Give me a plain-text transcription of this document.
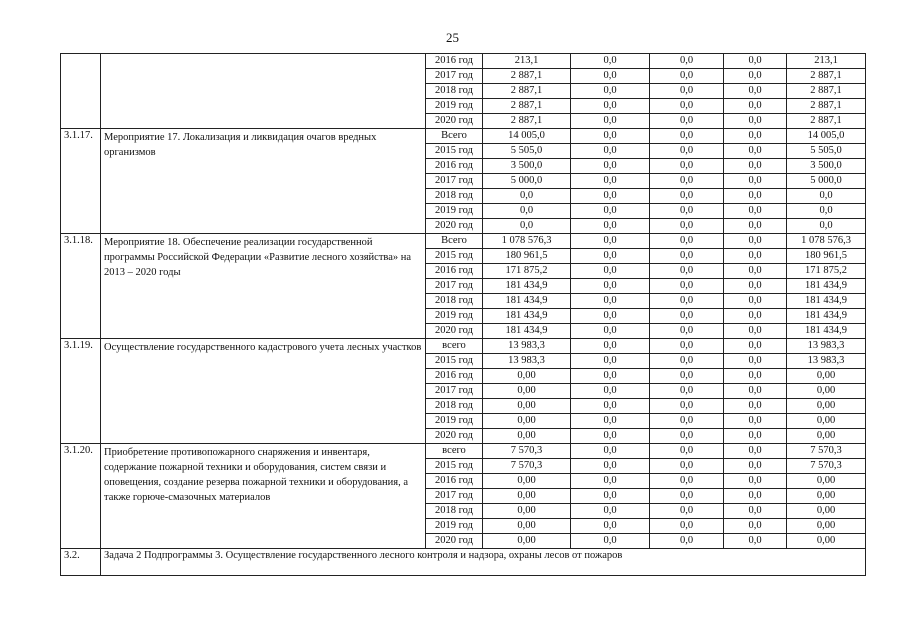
25
		2016 год	213,1	0,0	0,0	0,0	213,1
		2017 год	2 887,1	0,0	0,0	0,0	2 887,1
		2018 год	2 887,1	0,0	0,0	0,0	2 887,1
		2019 год	2 887,1	0,0	0,0	0,0	2 887,1
		2020 год	2 887,1	0,0	0,0	0,0	2 887,1
3.1.17.	Мероприятие 17. Локализация и ликвидация очагов вредных организмов	Всего	14 005,0	0,0	0,0	0,0	14 005,0
		2015 год	5 505,0	0,0	0,0	0,0	5 505,0
		2016 год	3 500,0	0,0	0,0	0,0	3 500,0
		2017 год	5 000,0	0,0	0,0	0,0	5 000,0
		2018 год	0,0	0,0	0,0	0,0	0,0
		2019 год	0,0	0,0	0,0	0,0	0,0
		2020 год	0,0	0,0	0,0	0,0	0,0
3.1.18.	Мероприятие 18. Обеспечение реализации государственной программы Российской Федерации «Развитие лесного хозяйства» на 2013 – 2020 годы	Всего	1 078 576,3	0,0	0,0	0,0	1 078 576,3
		2015 год	180 961,5	0,0	0,0	0,0	180 961,5
		2016 год	171 875,2	0,0	0,0	0,0	171 875,2
		2017 год	181 434,9	0,0	0,0	0,0	181 434,9
		2018 год	181 434,9	0,0	0,0	0,0	181 434,9
		2019 год	181 434,9	0,0	0,0	0,0	181 434,9
		2020 год	181 434,9	0,0	0,0	0,0	181 434,9
3.1.19.	Осуществление государственного кадастрового учета лесных участков	всего	13 983,3	0,0	0,0	0,0	13 983,3
		2015 год	13 983,3	0,0	0,0	0,0	13 983,3
		2016 год	0,00	0,0	0,0	0,0	0,00
		2017 год	0,00	0,0	0,0	0,0	0,00
		2018 год	0,00	0,0	0,0	0,0	0,00
		2019 год	0,00	0,0	0,0	0,0	0,00
		2020 год	0,00	0,0	0,0	0,0	0,00
3.1.20.	Приобретение противопожарного снаряжения и инвентаря, содержание пожарной техники и оборудования, систем связи и оповещения, создание резерва пожарной техники и оборудования, а также горюче-смазочных материалов	всего	7 570,3	0,0	0,0	0,0	7 570,3
		2015 год	7 570,3	0,0	0,0	0,0	7 570,3
		2016 год	0,00	0,0	0,0	0,0	0,00
		2017 год	0,00	0,0	0,0	0,0	0,00
		2018 год	0,00	0,0	0,0	0,0	0,00
		2019 год	0,00	0,0	0,0	0,0	0,00
		2020 год	0,00	0,0	0,0	0,0	0,00
3.2.	Задача 2 Подпрограммы 3. Осуществление государственного лесного контроля и надзора, охраны лесов от пожаров						
